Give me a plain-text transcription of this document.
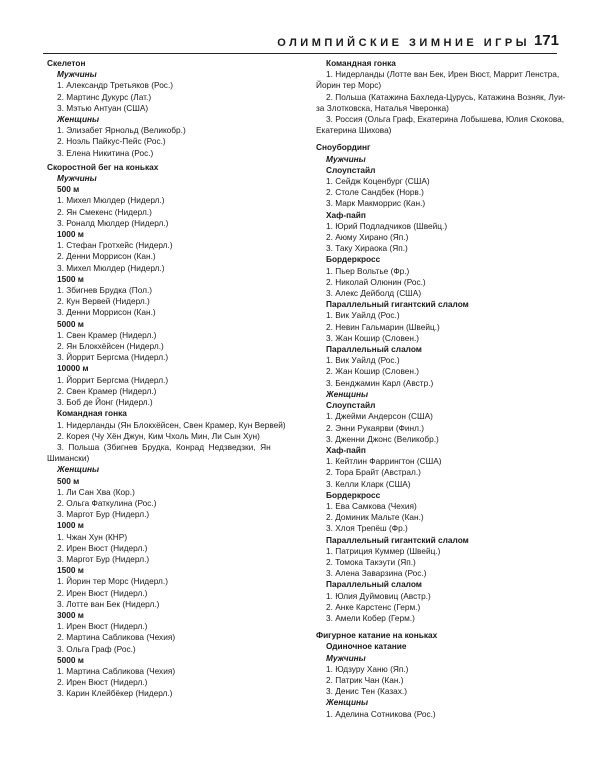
ОЛИМПИЙСКИЕ ЗИМНИЕ ИГРЫ 171
Скелетон
Мужчины
1. Александр Третьяков (Рос.)
2. Мартинс Дукурс (Лат.)
3. Мэтью Антуан (США)
Женщины
1. Элизабет Ярнольд (Великобр.)
2. Ноэль Пайкус-Пейс (Рос.)
3. Елена Никитина (Рос.)
Скоростной бег на коньках
Мужчины
500 м
1. Михел Мюлдер (Нидерл.)
2. Ян Смекенс (Нидерл.)
3. Роналд Мюлдер (Нидерл.)
1000 м
1. Стефан Гротхейс (Нидерл.)
2. Денни Моррисон (Кан.)
3. Михел Мюлдер (Нидерл.)
1500 м
1. Збигнев Брудка (Пол.)
2. Кун Вервей (Нидерл.)
3. Денни Моррисон (Кан.)
5000 м
1. Свен Крамер (Нидерл.)
2. Ян Блокхёйсен (Нидерл.)
3. Йоррит Бергсма (Нидерл.)
10000 м
1. Йоррит Бергсма (Нидерл.)
2. Свен Крамер (Нидерл.)
3. Боб де Йонг (Нидерл.)
Командная гонка
1. Нидерланды (Ян Блокхёйсен, Свен Крамер, Кун Вервей)
2. Корея (Чу Хён Джун, Ким Чхоль Мин, Ли Сын Хун)
3. Польша (Збигнев Брудка, Конрад Недзведзки, Ян
Шимански)
Женщины
500 м
1. Ли Сан Хва (Кор.)
2. Ольга Фаткулина (Рос.)
3. Маргот Бур (Нидерл.)
1000 м
1. Чжан Хун (КНР)
2. Ирен Вюст (Нидерл.)
3. Маргот Бур (Нидерл.)
1500 м
1. Йорин тер Морс (Нидерл.)
2. Ирен Вюст (Нидерл.)
3. Лотте ван Бек (Нидерл.)
3000 м
1. Ирен Вюст (Нидерл.)
2. Мартина Сабликова (Чехия)
3. Ольга Граф (Рос.)
5000 м
1. Мартина Сабликова (Чехия)
2. Ирен Вюст (Нидерл.)
3. Карин Клейбёкер (Нидерл.)
Командная гонка
1. Нидерланды (Лотте ван Бек, Ирен Вюст, Маррит Ленстра,
Йорин тер Морс)
2. Польша (Катажина Бахледа-Цурусь, Катажина Возняк, Луи-
за Злотковска, Наталья Чверонка)
3. Россия (Ольга Граф, Екатерина Лобышева, Юлия Скокова,
Екатерина Шихова)
Сноубординг
Мужчины
Слоупстайл
1. Сейдж Коценбург (США)
2. Столе Сандбек (Норв.)
3. Марк Макморрис (Кан.)
Хаф-пайп
1. Юрий Подладчиков (Швейц.)
2. Аюму Хирано (Яп.)
3. Таку Хираока (Яп.)
Бордеркросс
1. Пьер Вольтье (Фр.)
2. Николай Олюнин (Рос.)
3. Алекс Дейболд (США)
Параллельный гигантский слалом
1. Вик Уайлд (Рос.)
2. Невин Гальмарин (Швейц.)
3. Жан Кошир (Словен.)
Параллельный слалом
1. Вик Уайлд (Рос.)
2. Жан Кошир (Словен.)
3. Бенджамин Карл (Австр.)
Женщины
Слоупстайл
1. Джейми Андерсон (США)
2. Энни Рукаярви (Финл.)
3. Дженни Джонс (Великобр.)
Хаф-пайп
1. Кейтлин Фаррингтон (США)
2. Тора Брайт (Австрал.)
3. Келли Кларк (США)
Бордеркросс
1. Ева Самкова (Чехия)
2. Доминик Мальте (Кан.)
3. Хлоя Трепёш (Фр.)
Параллельный гигантский слалом
1. Патриция Куммер (Швейц.)
2. Томока Такэути (Яп.)
3. Алена Заварзина (Рос.)
Параллельный слалом
1. Юлия Дуймовиц (Австр.)
2. Анке Карстенс (Герм.)
3. Амели Кобер (Герм.)
Фигурное катание на коньках
Одиночное катание
Мужчины
1. Юдзуру Ханю (Яп.)
2. Патрик Чан (Кан.)
3. Денис Тен (Казах.)
Женщины
1. Аделина Сотникова (Рос.)
